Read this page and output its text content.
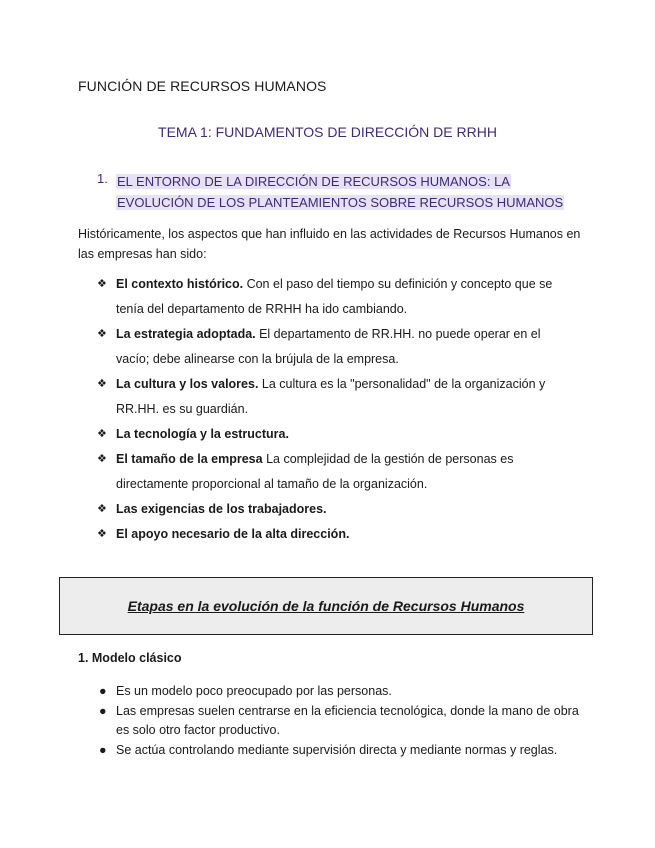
FUNCIÓN DE RECURSOS HUMANOS
TEMA 1: FUNDAMENTOS DE DIRECCIÓN DE RRHH
1. EL ENTORNO DE LA DIRECCIÓN DE RECURSOS HUMANOS: LA
EVOLUCIÓN DE LOS PLANTEAMIENTOS SOBRE RECURSOS HUMANOS
Históricamente, los aspectos que han influido en las actividades de Recursos Humanos en las empresas han sido:
❖ El contexto histórico. Con el paso del tiempo su definición y concepto que se tenía del departamento de RRHH ha ido cambiando.
❖ La estrategia adoptada. El departamento de RR.HH. no puede operar en el vacío; debe alinearse con la brújula de la empresa.
❖ La cultura y los valores. La cultura es la "personalidad" de la organización y RR.HH. es su guardián.
❖ La tecnología y la estructura.
❖ El tamaño de la empresa La complejidad de la gestión de personas es directamente proporcional al tamaño de la organización.
❖ Las exigencias de los trabajadores.
❖ El apoyo necesario de la alta dirección.
Etapas en la evolución de la función de Recursos Humanos
1. Modelo clásico
● Es un modelo poco preocupado por las personas.
● Las empresas suelen centrarse en la eficiencia tecnológica, donde la mano de obra es solo otro factor productivo.
● Se actúa controlando mediante supervisión directa y mediante normas y reglas.
